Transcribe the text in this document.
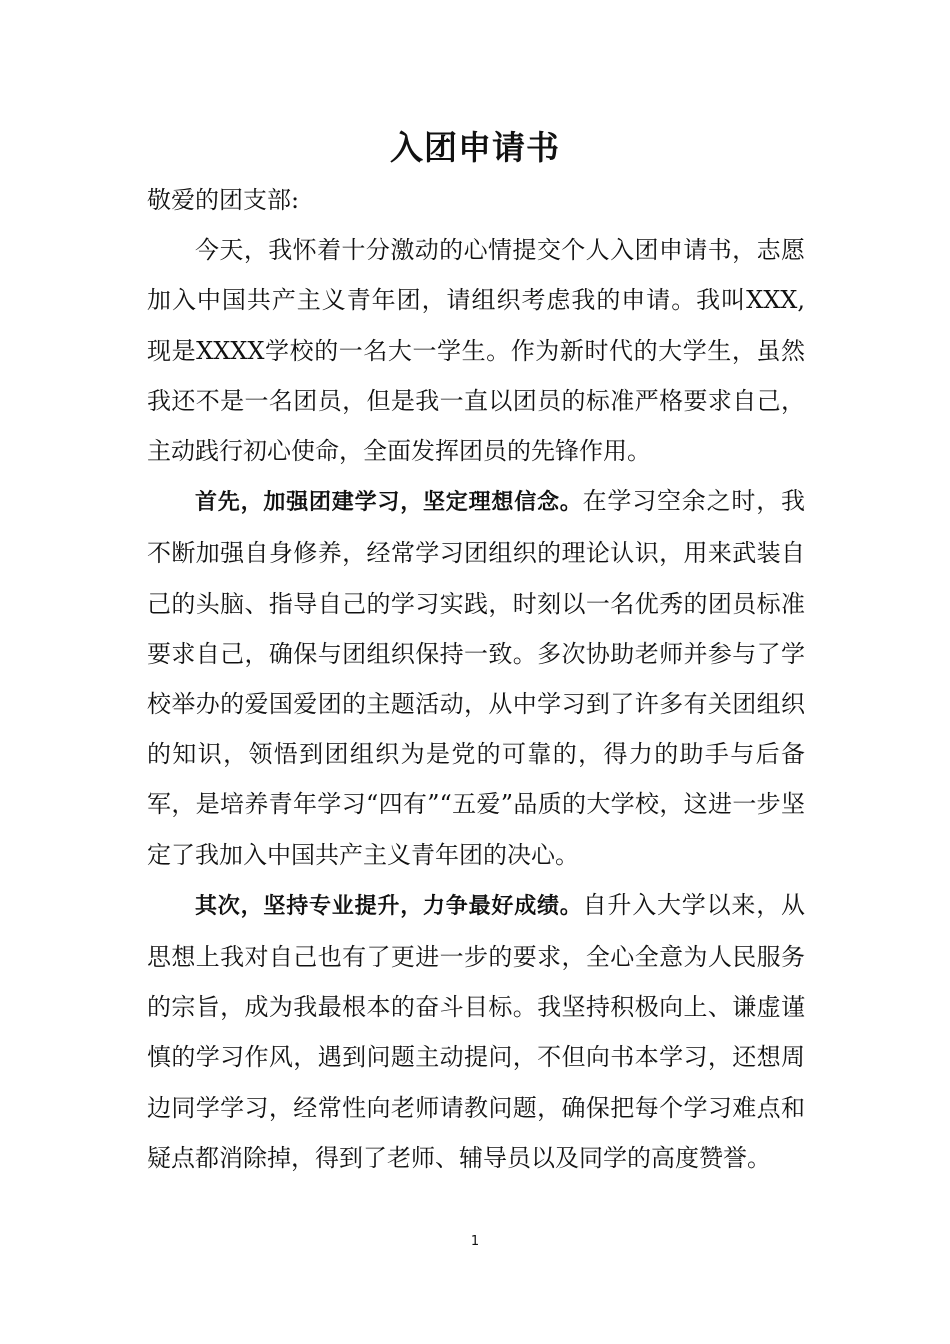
入团申请书

敬爱的团支部:

今天，我怀着十分激动的心情提交个人入团申请书，志愿加入中国共产主义青年团，请组织考虑我的申请。我叫XXX,现是XXXX学校的一名大一学生。作为新时代的大学生，虽然我还不是一名团员，但是我一直以团员的标准严格要求自己，主动践行初心使命，全面发挥团员的先锋作用。

首先，加强团建学习，坚定理想信念。在学习空余之时，我不断加强自身修养，经常学习团组织的理论认识，用来武装自己的头脑、指导自己的学习实践，时刻以一名优秀的团员标准要求自己，确保与团组织保持一致。多次协助老师并参与了学校举办的爱国爱团的主题活动，从中学习到了许多有关团组织的知识，领悟到团组织为是党的可靠的，得力的助手与后备军，是培养青年学习“四有”“五爱”品质的大学校，这进一步坚定了我加入中国共产主义青年团的决心。

其次，坚持专业提升，力争最好成绩。自升入大学以来，从思想上我对自己也有了更进一步的要求，全心全意为人民服务的宗旨，成为我最根本的奋斗目标。我坚持积极向上、谦虚谨慎的学习作风，遇到问题主动提问，不但向书本学习，还想周边同学学习，经常性向老师请教问题，确保把每个学习难点和疑点都消除掉，得到了老师、辅导员以及同学的高度赞誉。

1
